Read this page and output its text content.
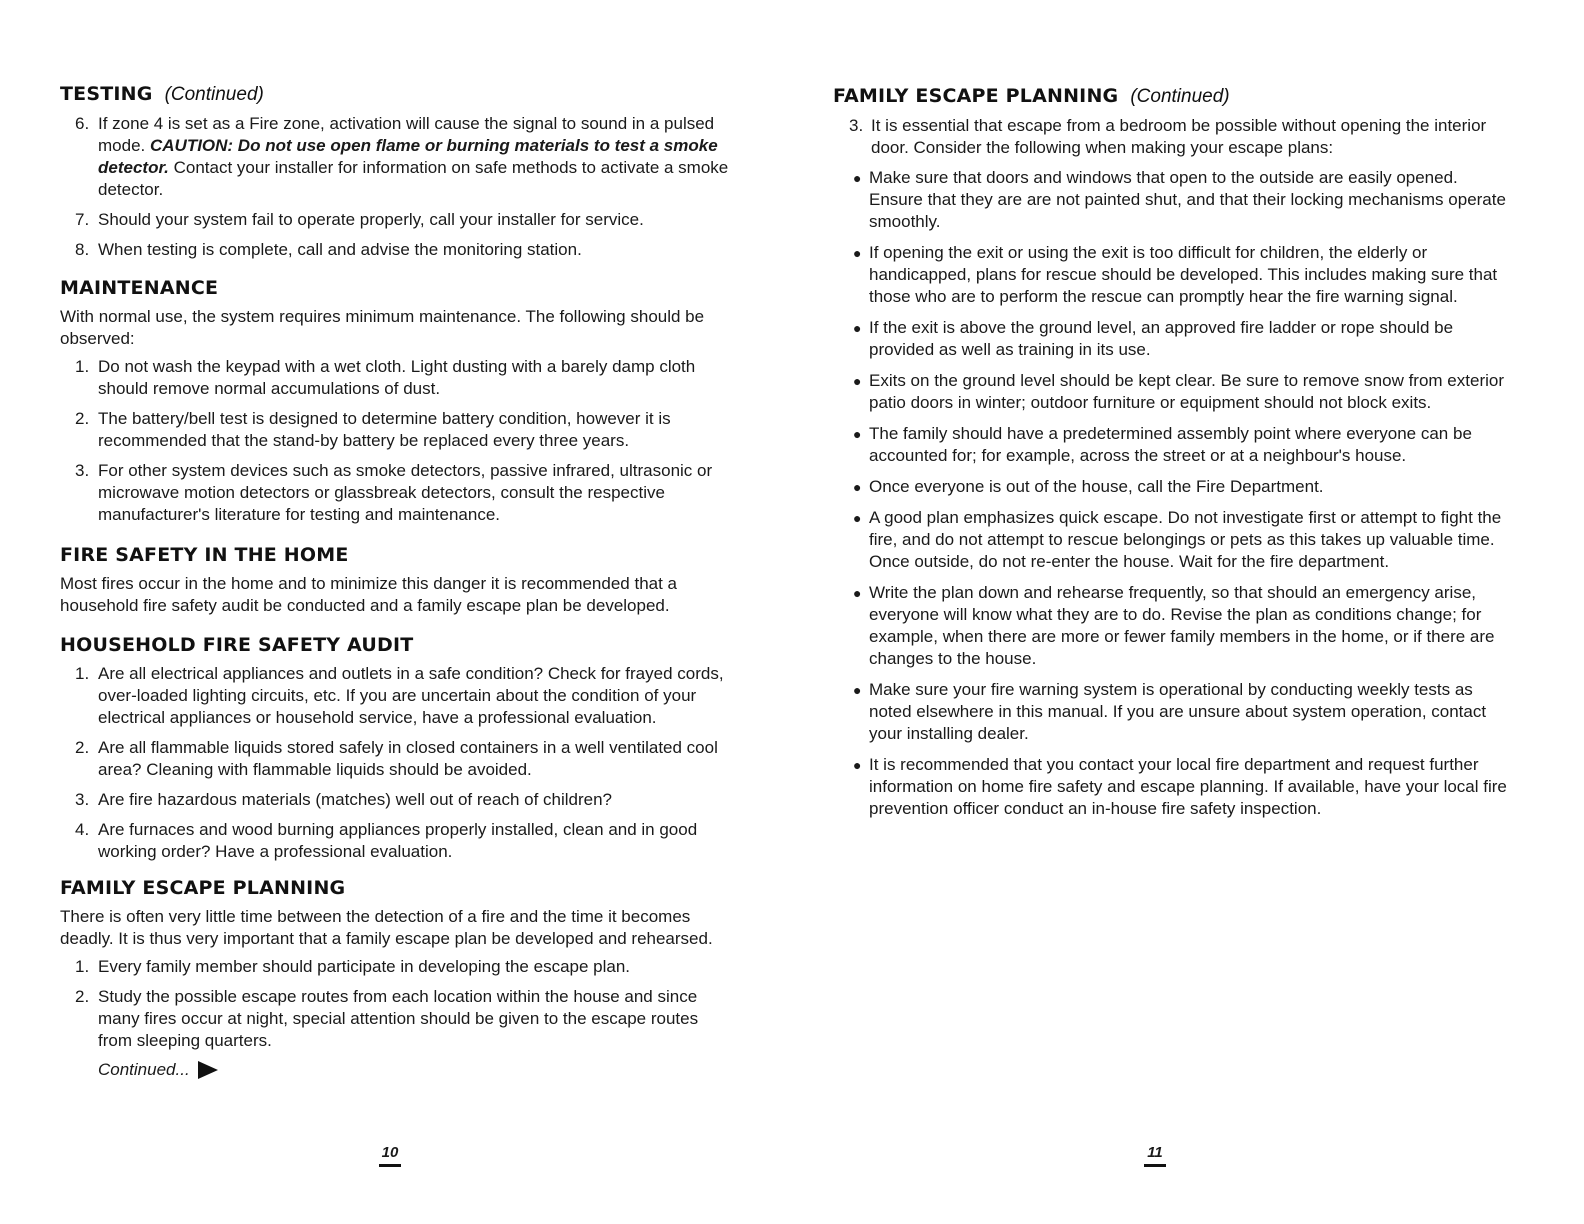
TESTING (Continued)
6. If zone 4 is set as a Fire zone, activation will cause the signal to sound in a pulsed mode. CAUTION: Do not use open flame or burning materials to test a smoke detector. Contact your installer for information on safe methods to activate a smoke detector.
7. Should your system fail to operate properly, call your installer for service.
8. When testing is complete, call and advise the monitoring station.
MAINTENANCE

With normal use, the system requires minimum maintenance. The following should be observed:

1. Do not wash the keypad with a wet cloth. Light dusting with a barely damp cloth should remove normal accumulations of dust.
2. The battery/bell test is designed to determine battery condition, however it is recommended that the stand-by battery be replaced every three years.
3. For other system devices such as smoke detectors, passive infrared, ultrasonic or microwave motion detectors or glassbreak detectors, consult the respective manufacturer's literature for testing and maintenance.
FIRE SAFETY IN THE HOME

Most fires occur in the home and to minimize this danger it is recommended that a household fire safety audit be conducted and a family escape plan be developed.

HOUSEHOLD FIRE SAFETY AUDIT
1. Are all electrical appliances and outlets in a safe condition? Check for frayed cords, over-loaded lighting circuits, etc. If you are uncertain about the condition of your electrical appliances or household service, have a professional evaluation.
2. Are all flammable liquids stored safely in closed containers in a well ventilated cool area? Cleaning with flammable liquids should be avoided.
3. Are fire hazardous materials (matches) well out of reach of children?
4. Are furnaces and wood burning appliances properly installed, clean and in good working order? Have a professional evaluation.
FAMILY ESCAPE PLANNING

There is often very little time between the detection of a fire and the time it becomes deadly. It is thus very important that a family escape plan be developed and rehearsed.

1. Every family member should participate in developing the escape plan.
2. Study the possible escape routes from each location within the house and since many fires occur at night, special attention should be given to the escape routes from sleeping quarters.
Continued...
10
FAMILY ESCAPE PLANNING (Continued)
3. It is essential that escape from a bedroom be possible without opening the interior door. Consider the following when making your escape plans:
● Make sure that doors and windows that open to the outside are easily opened. Ensure that they are are not painted shut, and that their locking mechanisms operate smoothly.
● If opening the exit or using the exit is too difficult for children, the elderly or handicapped, plans for rescue should be developed. This includes making sure that those who are to perform the rescue can promptly hear the fire warning signal.
● If the exit is above the ground level, an approved fire ladder or rope should be provided as well as training in its use.
● Exits on the ground level should be kept clear. Be sure to remove snow from exterior patio doors in winter; outdoor furniture or equipment should not block exits.
● The family should have a predetermined assembly point where everyone can be accounted for; for example, across the street or at a neighbour's house.
● Once everyone is out of the house, call the Fire Department.
● A good plan emphasizes quick escape. Do not investigate first or attempt to fight the fire, and do not attempt to rescue belongings or pets as this takes up valuable time. Once outside, do not re-enter the house. Wait for the fire department.
● Write the plan down and rehearse frequently, so that should an emergency arise, everyone will know what they are to do. Revise the plan as conditions change; for example, when there are more or fewer family members in the home, or if there are changes to the house.
● Make sure your fire warning system is operational by conducting weekly tests as noted elsewhere in this manual. If you are unsure about system operation, contact your installing dealer.
● It is recommended that you contact your local fire department and request further information on home fire safety and escape planning. If available, have your local fire prevention officer conduct an in-house fire safety inspection.
11
